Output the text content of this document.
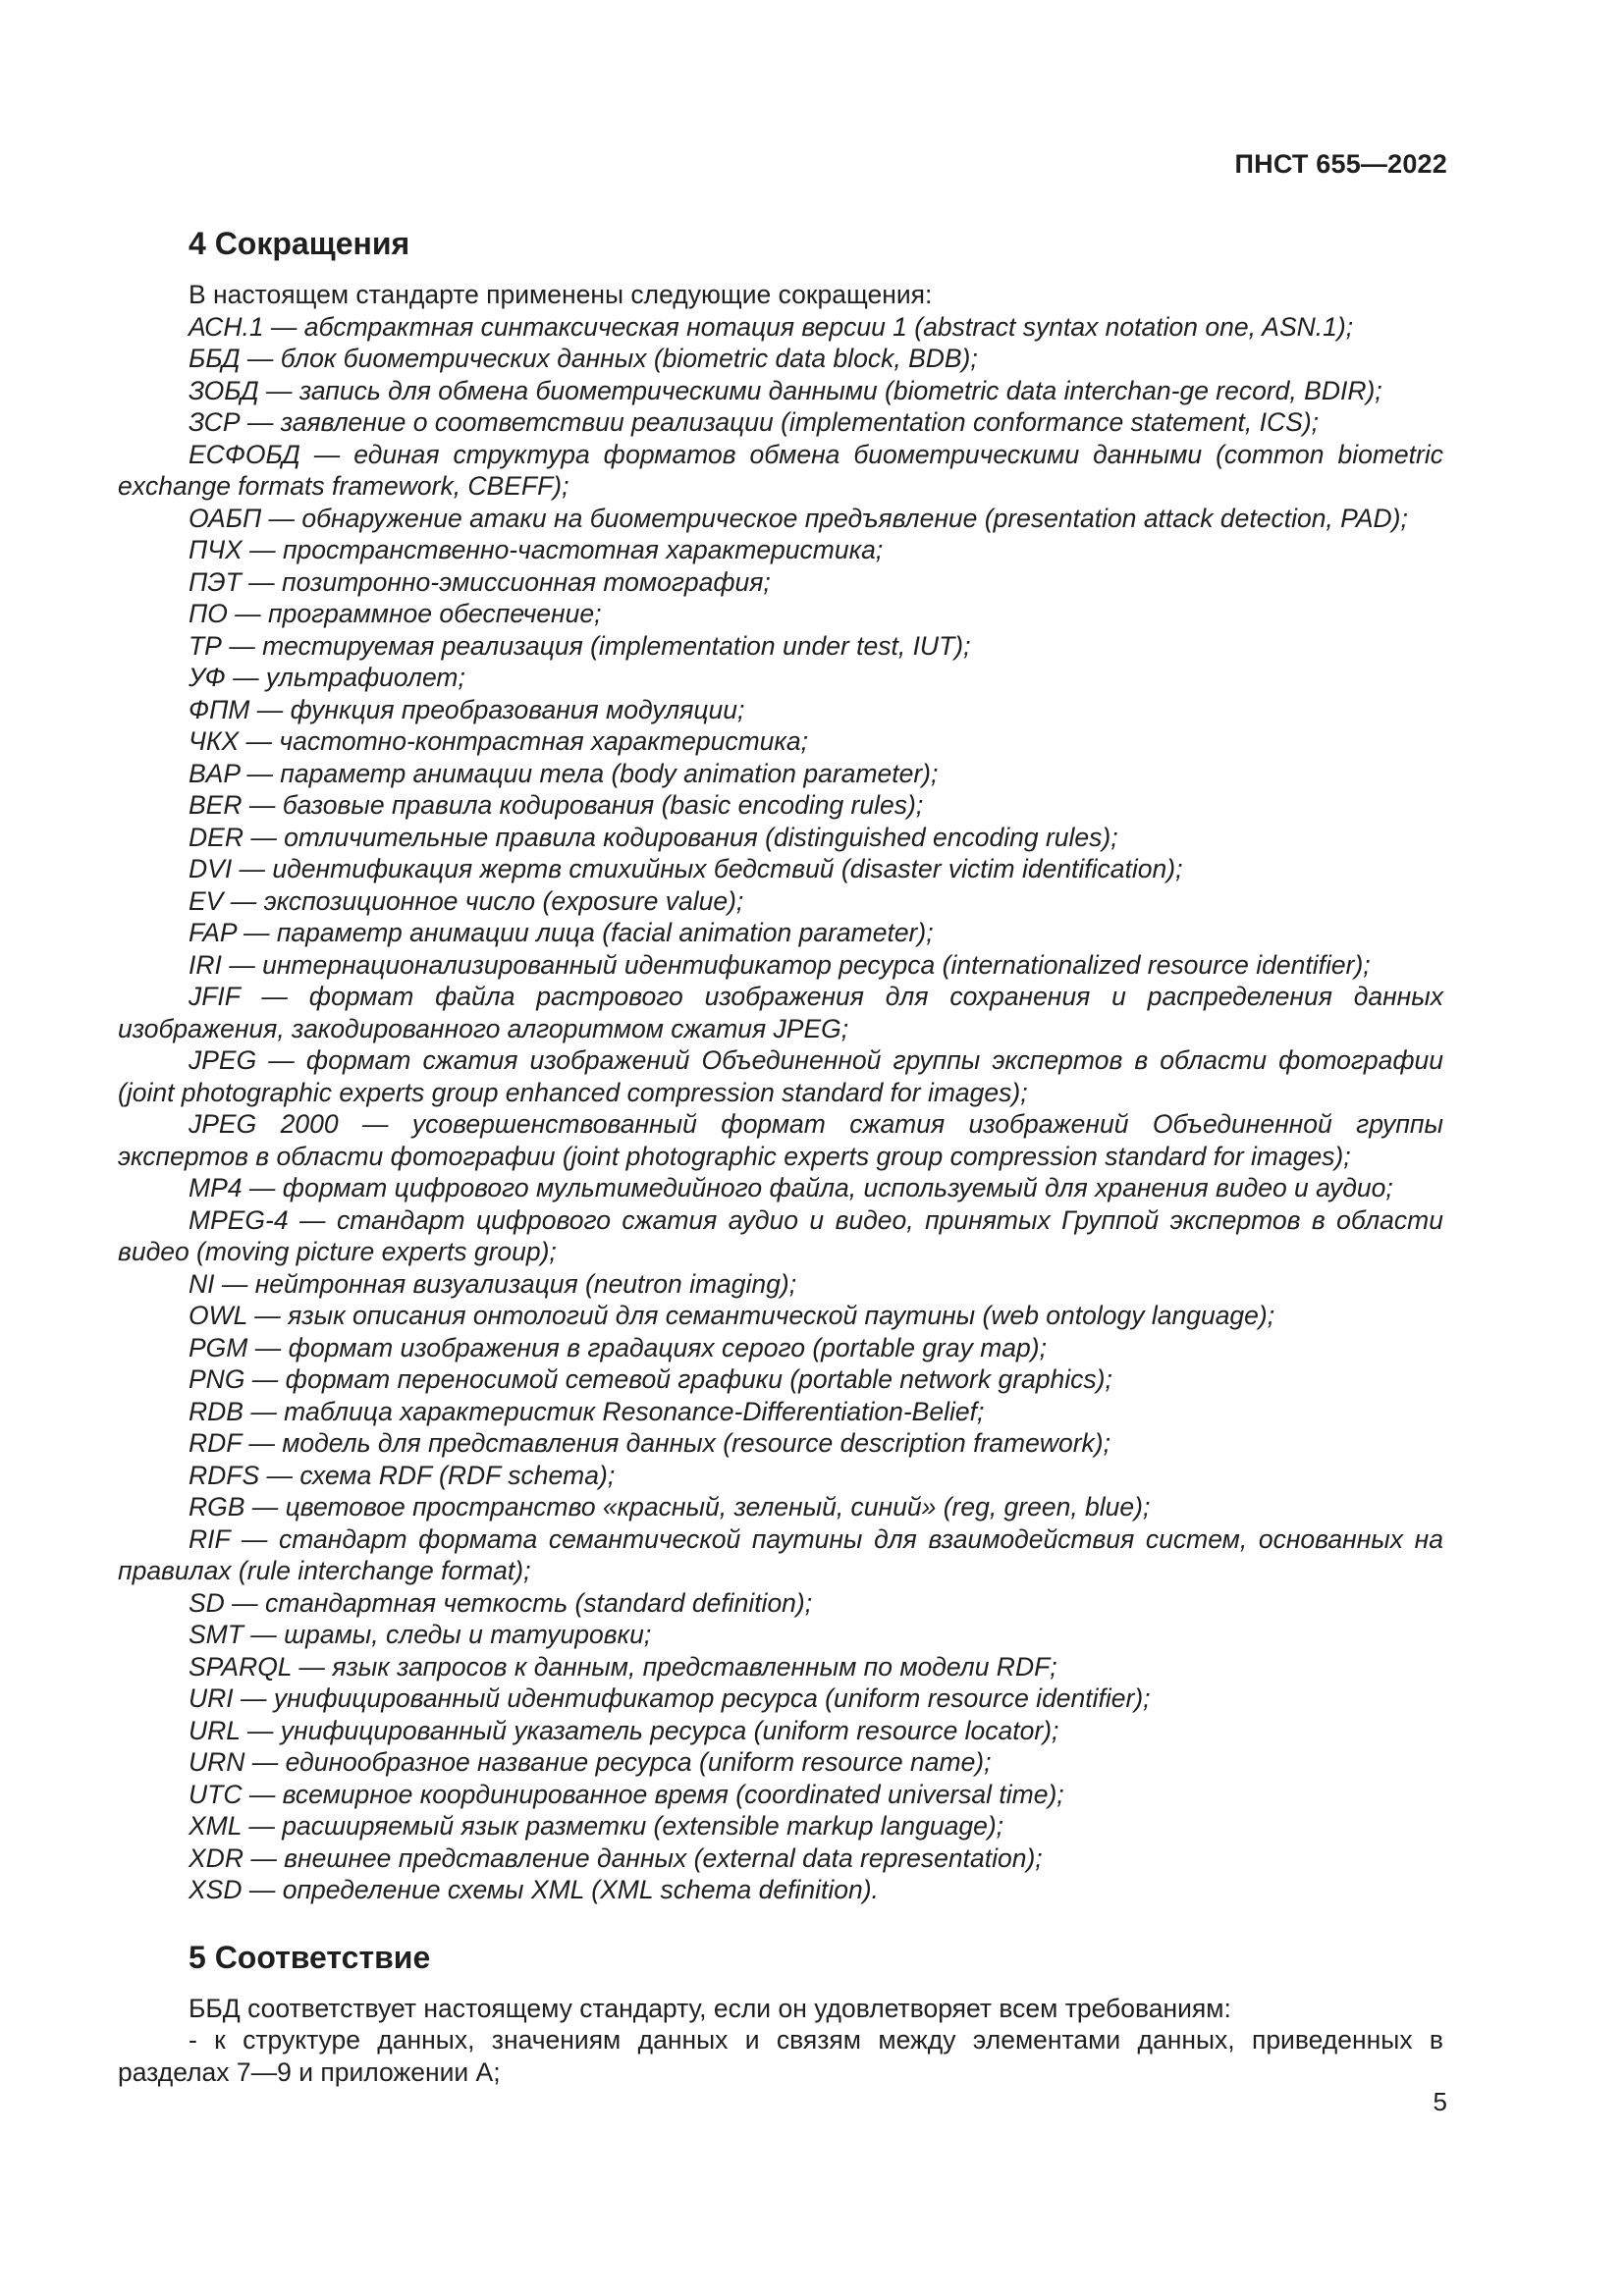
ПНСТ 655—2022

4 Сокращения

В настоящем стандарте применены следующие сокращения:

АСН.1 — абстрактная синтаксическая нотация версии 1 (abstract syntax notation one, ASN.1);
ББД — блок биометрических данных (biometric data block, BDB);
ЗОБД — запись для обмена биометрическими данными (biometric data interchan-ge record, BDIR);
ЗСР — заявление о соответствии реализации (implementation conformance statement, ICS);
ЕСФОБД — единая структура форматов обмена биометрическими данными (common biometric exchange formats framework, CBEFF);
ОАБП — обнаружение атаки на биометрическое предъявление (presentation attack detection, PAD);
ПЧХ — пространственно-частотная характеристика;
ПЭТ — позитронно-эмиссионная томография;
ПО — программное обеспечение;
ТР — тестируемая реализация (implementation under test, IUT);
УФ — ультрафиолет;
ФПМ — функция преобразования модуляции;
ЧКХ — частотно-контрастная характеристика;
BAP — параметр анимации тела (body animation parameter);
BER — базовые правила кодирования (basic encoding rules);
DER — отличительные правила кодирования (distinguished encoding rules);
DVI — идентификация жертв стихийных бедствий (disaster victim identification);
EV — экспозиционное число (exposure value);
FAP — параметр анимации лица (facial animation parameter);
IRI — интернационализированный идентификатор ресурса (internationalized resource identifier);
JFIF — формат файла растрового изображения для сохранения и распределения данных изображения, закодированного алгоритмом сжатия JPEG;
JPEG — формат сжатия изображений Объединенной группы экспертов в области фотографии (joint photographic experts group enhanced compression standard for images);
JPEG 2000 — усовершенствованный формат сжатия изображений Объединенной группы экспертов в области фотографии (joint photographic experts group compression standard for images);
MP4 — формат цифрового мультимедийного файла, используемый для хранения видео и аудио;
MPEG-4 — стандарт цифрового сжатия аудио и видео, принятых Группой экспертов в области видео (moving picture experts group);
NI — нейтронная визуализация (neutron imaging);
OWL — язык описания онтологий для семантической паутины (web ontology language);
PGM — формат изображения в градациях серого (portable gray map);
PNG — формат переносимой сетевой графики (portable network graphics);
RDB — таблица характеристик Resonance-Differentiation-Belief;
RDF — модель для представления данных (resource description framework);
RDFS — схема RDF (RDF schema);
RGB — цветовое пространство «красный, зеленый, синий» (reg, green, blue);
RIF — стандарт формата семантической паутины для взаимодействия систем, основанных на правилах (rule interchange format);
SD — стандартная четкость (standard definition);
SMT — шрамы, следы и татуировки;
SPARQL — язык запросов к данным, представленным по модели RDF;
URI — унифицированный идентификатор ресурса (uniform resource identifier);
URL — унифицированный указатель ресурса (uniform resource locator);
URN — единообразное название ресурса (uniform resource name);
UTC — всемирное координированное время (coordinated universal time);
XML — расширяемый язык разметки (extensible markup language);
XDR — внешнее представление данных (external data representation);
XSD — определение схемы XML (XML schema definition).
5 Соответствие

ББД соответствует настоящему стандарту, если он удовлетворяет всем требованиям:

- к структуре данных, значениям данных и связям между элементами данных, приведенных в разделах 7—9 и приложении А;

5
